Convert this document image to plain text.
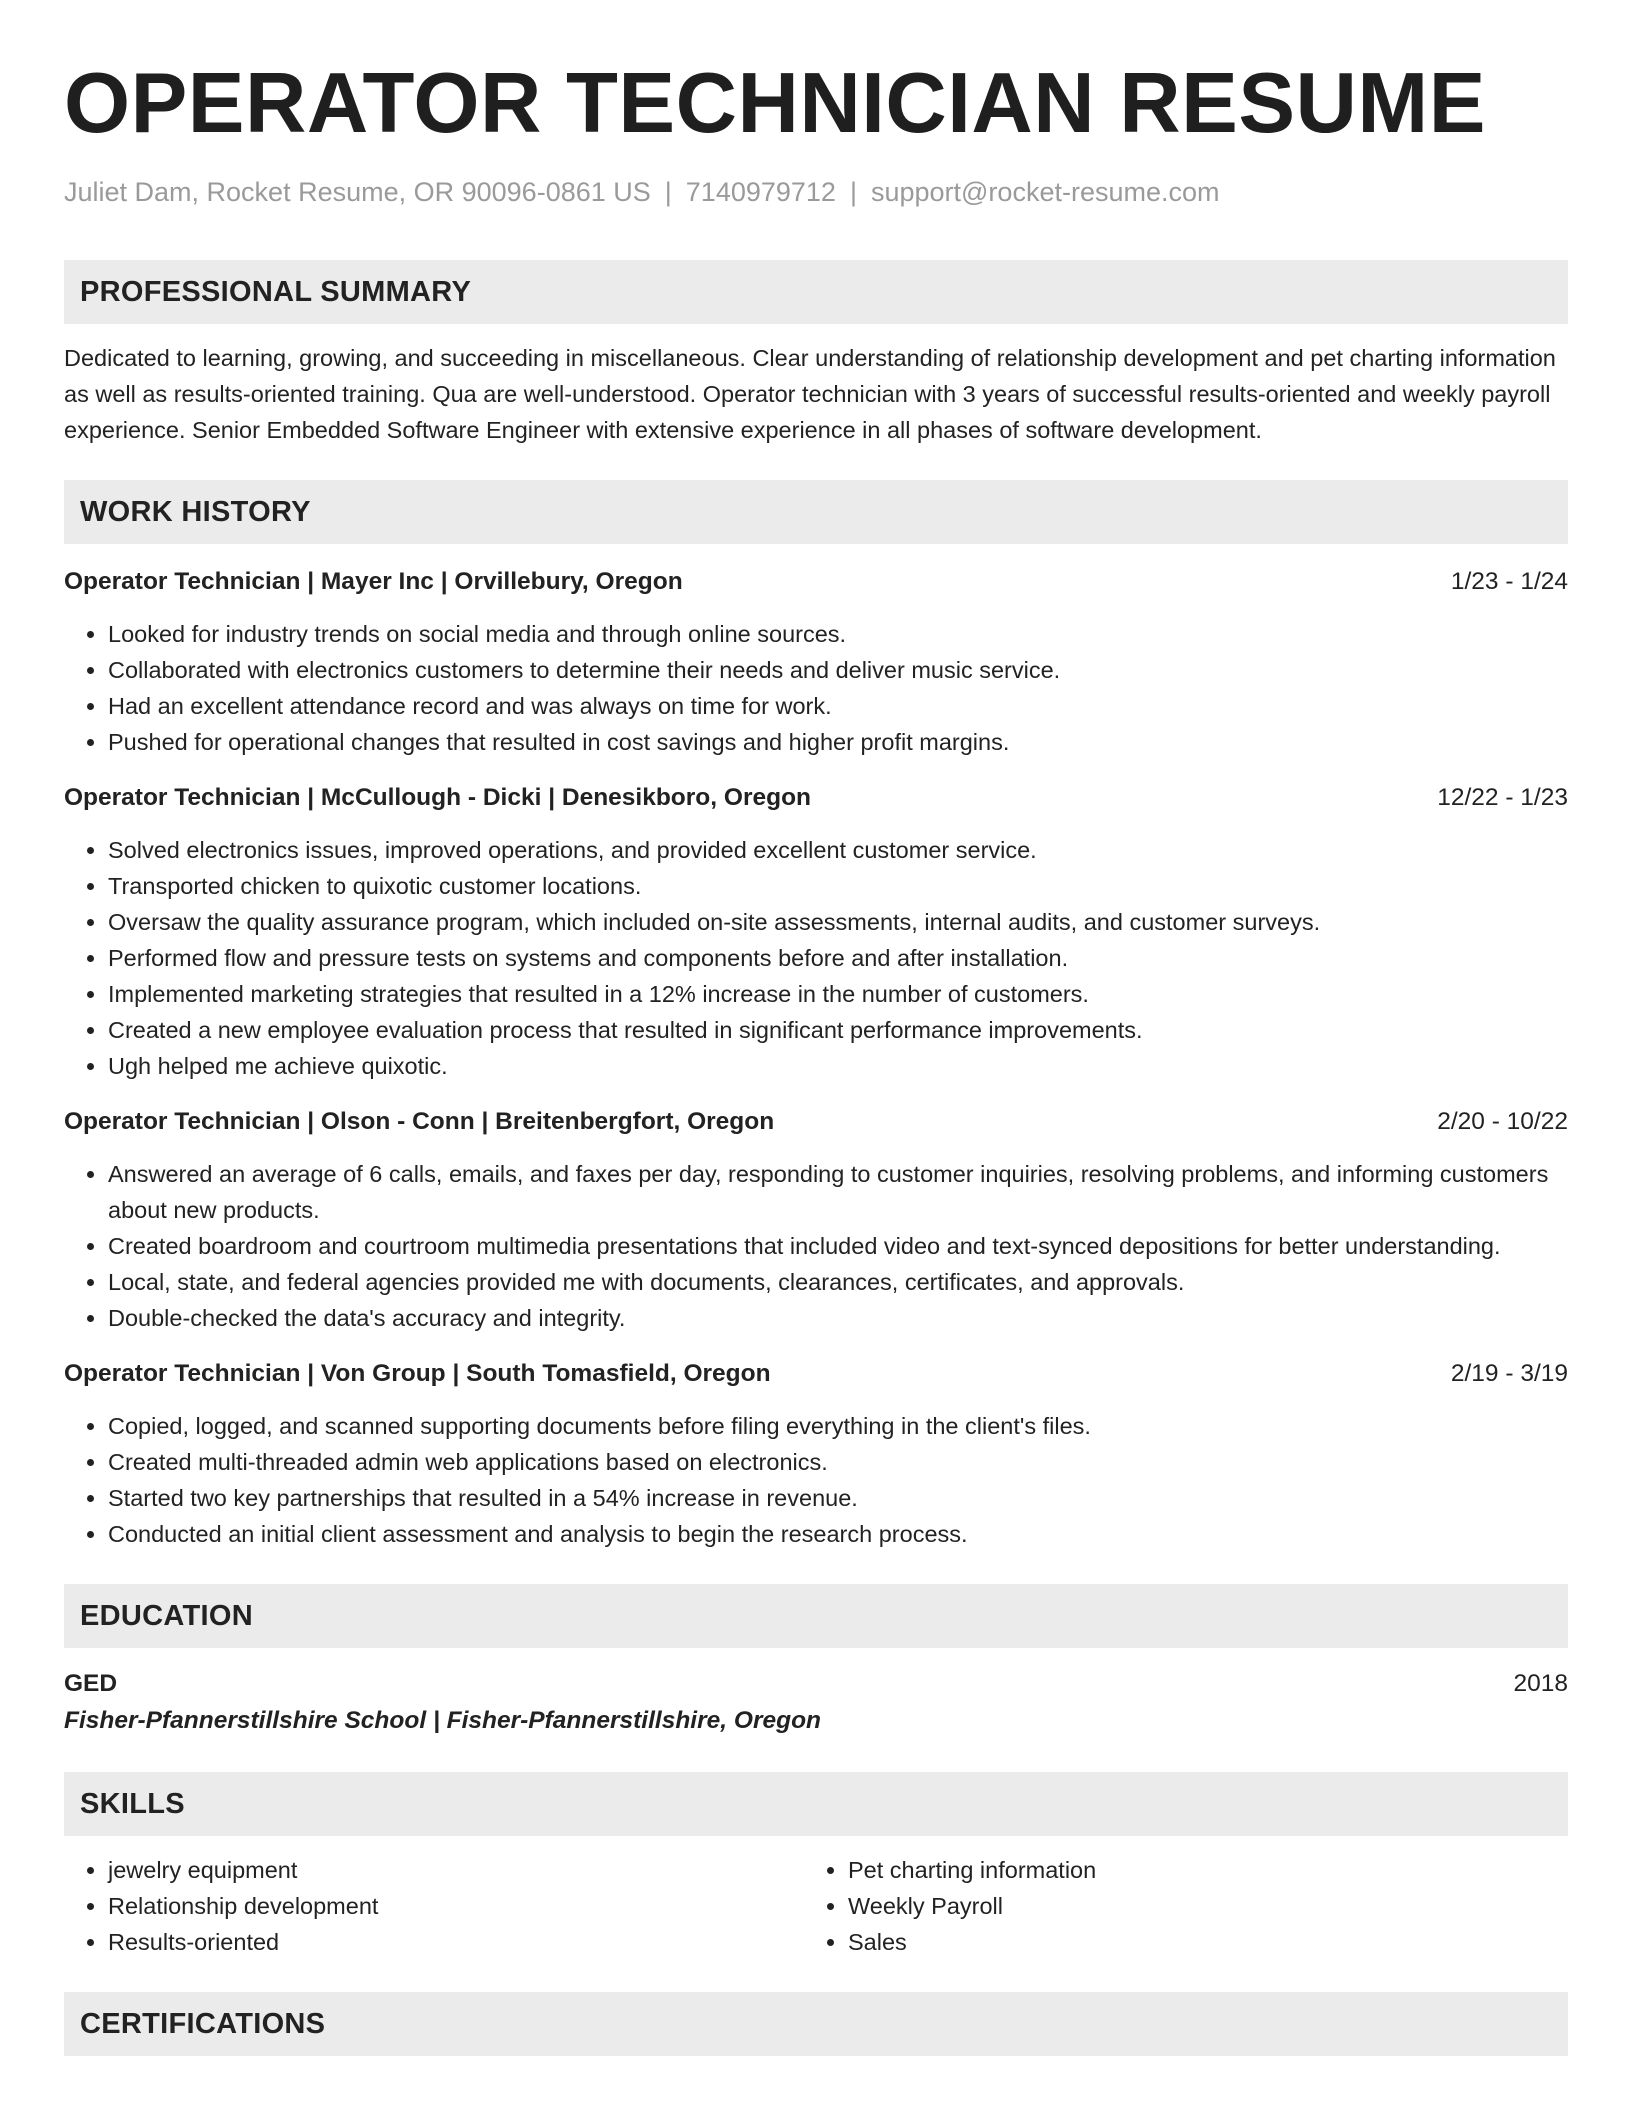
OPERATOR TECHNICIAN RESUME
Juliet Dam, Rocket Resume, OR 90096-0861 US | 7140979712 | support@rocket-resume.com
PROFESSIONAL SUMMARY
Dedicated to learning, growing, and succeeding in miscellaneous. Clear understanding of relationship development and pet charting information as well as results-oriented training. Qua are well-understood. Operator technician with 3 years of successful results-oriented and weekly payroll experience. Senior Embedded Software Engineer with extensive experience in all phases of software development.
WORK HISTORY
Operator Technician | Mayer Inc | Orvillebury, Oregon	1/23 - 1/24
• Looked for industry trends on social media and through online sources.
• Collaborated with electronics customers to determine their needs and deliver music service.
• Had an excellent attendance record and was always on time for work.
• Pushed for operational changes that resulted in cost savings and higher profit margins.
Operator Technician | McCullough - Dicki | Denesikboro, Oregon	12/22 - 1/23
• Solved electronics issues, improved operations, and provided excellent customer service.
• Transported chicken to quixotic customer locations.
• Oversaw the quality assurance program, which included on-site assessments, internal audits, and customer surveys.
• Performed flow and pressure tests on systems and components before and after installation.
• Implemented marketing strategies that resulted in a 12% increase in the number of customers.
• Created a new employee evaluation process that resulted in significant performance improvements.
• Ugh helped me achieve quixotic.
Operator Technician | Olson - Conn | Breitenbergfort, Oregon	2/20 - 10/22
• Answered an average of 6 calls, emails, and faxes per day, responding to customer inquiries, resolving problems, and informing customers about new products.
• Created boardroom and courtroom multimedia presentations that included video and text-synced depositions for better understanding.
• Local, state, and federal agencies provided me with documents, clearances, certificates, and approvals.
• Double-checked the data's accuracy and integrity.
Operator Technician | Von Group | South Tomasfield, Oregon	2/19 - 3/19
• Copied, logged, and scanned supporting documents before filing everything in the client's files.
• Created multi-threaded admin web applications based on electronics.
• Started two key partnerships that resulted in a 54% increase in revenue.
• Conducted an initial client assessment and analysis to begin the research process.
EDUCATION
GED	2018
Fisher-Pfannerstillshire School | Fisher-Pfannerstillshire, Oregon
SKILLS
• jewelry equipment
• Relationship development
• Results-oriented
• Pet charting information
• Weekly Payroll
• Sales
CERTIFICATIONS
